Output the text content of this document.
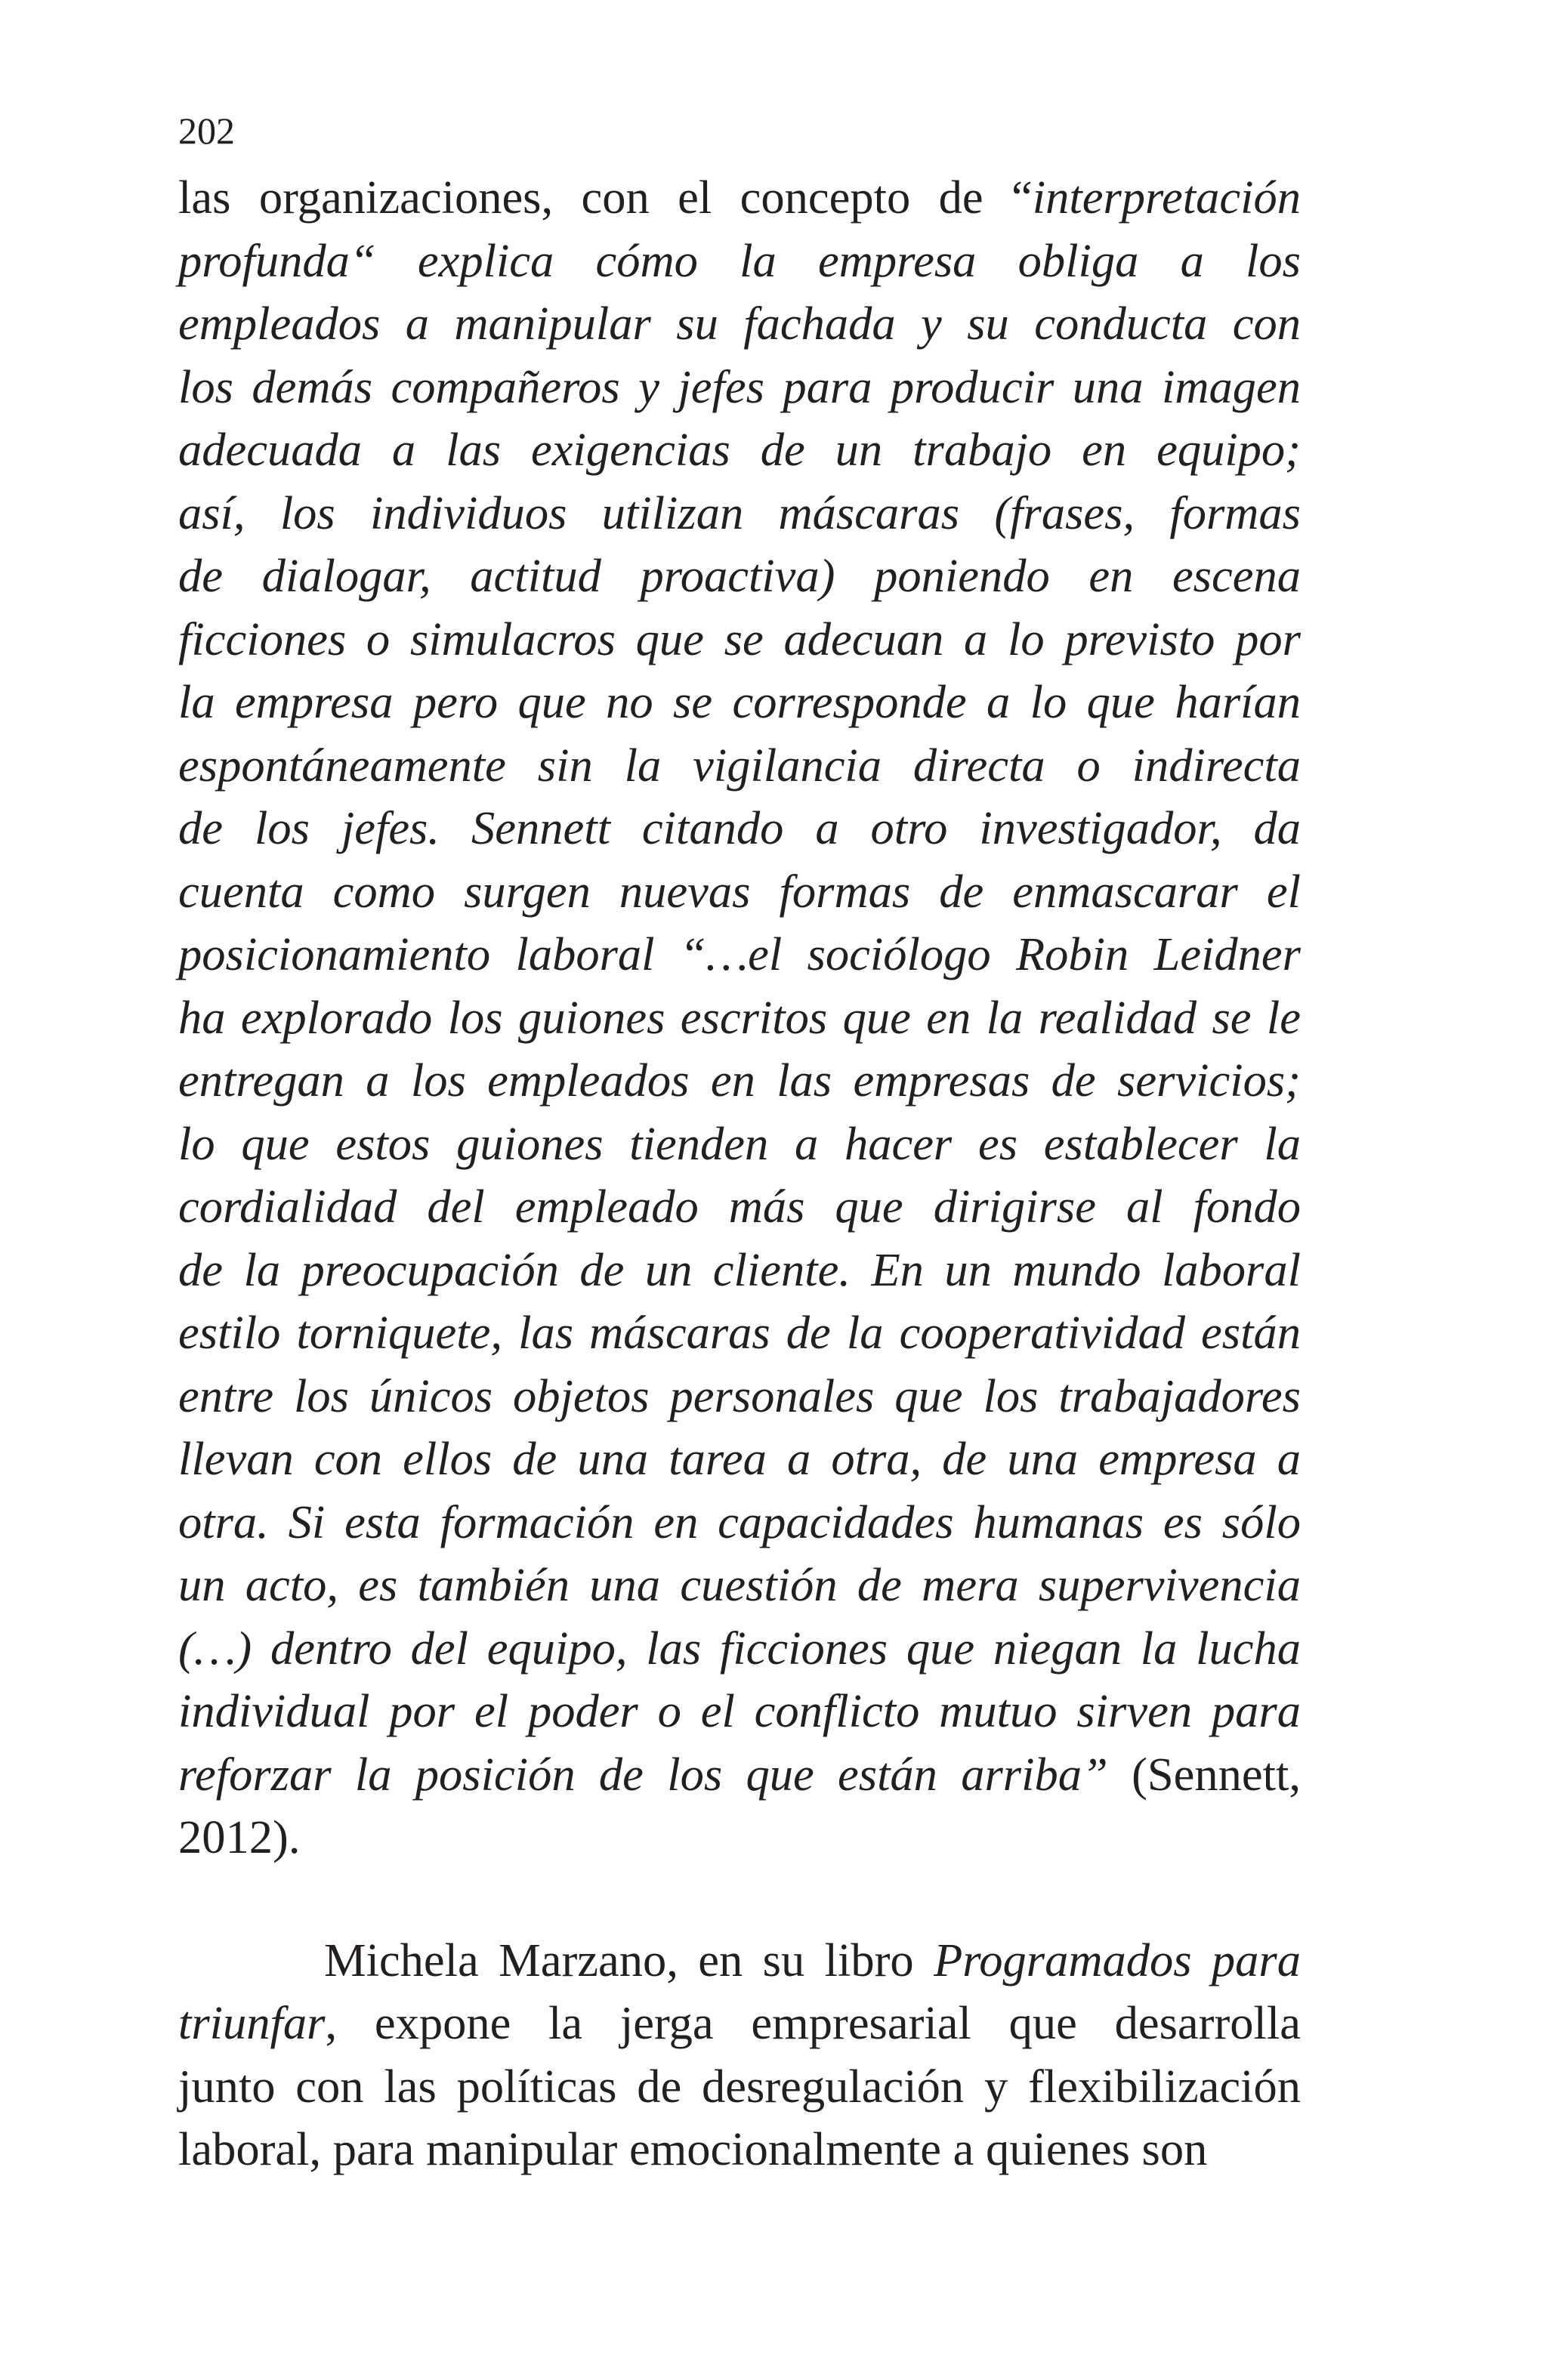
202
las organizaciones, con el concepto de “interpretación
profunda“ explica cómo la empresa obliga a los
empleados a manipular su fachada y su conducta con
los demás compañeros y jefes para producir una imagen
adecuada a las exigencias de un trabajo en equipo;
así, los individuos utilizan máscaras (frases, formas
de dialogar, actitud proactiva) poniendo en escena
ficciones o simulacros que se adecuan a lo previsto por
la empresa pero que no se corresponde a lo que harían
espontáneamente sin la vigilancia directa o indirecta
de los jefes. Sennett citando a otro investigador, da
cuenta como surgen nuevas formas de enmascarar el
posicionamiento laboral “…el sociólogo Robin Leidner
ha explorado los guiones escritos que en la realidad se le
entregan a los empleados en las empresas de servicios;
lo que estos guiones tienden a hacer es establecer la
cordialidad del empleado más que dirigirse al fondo
de la preocupación de un cliente. En un mundo laboral
estilo torniquete, las máscaras de la cooperatividad están
entre los únicos objetos personales que los trabajadores
llevan con ellos de una tarea a otra, de una empresa a
otra. Si esta formación en capacidades humanas es sólo
un acto, es también una cuestión de mera supervivencia
(…) dentro del equipo, las ficciones que niegan la lucha
individual por el poder o el conflicto mutuo sirven para
reforzar la posición de los que están arriba” (Sennett,
2012).
Michela Marzano, en su libro Programados para
triunfar, expone la jerga empresarial que desarrolla
junto con las políticas de desregulación y flexibilización
laboral, para manipular emocionalmente a quienes son
